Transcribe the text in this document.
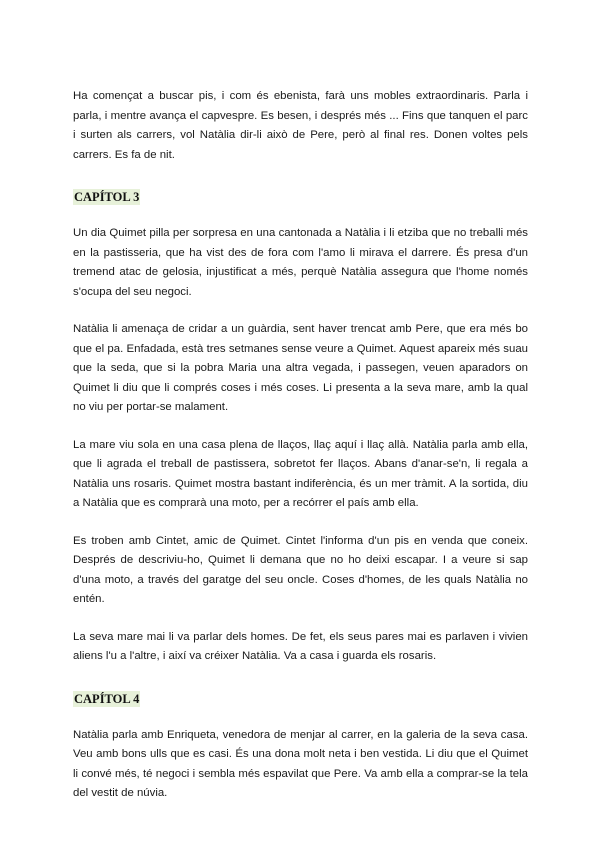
Ha començat a buscar pis, i com és ebenista, farà uns mobles extraordinaris. Parla i parla, i mentre avança el capvespre. Es besen, i després més ... Fins que tanquen el parc i surten als carrers, vol Natàlia dir-li això de Pere, però al final res. Donen voltes pels carrers. Es fa de nit.

CAPÍTOL 3

Un dia Quimet pilla per sorpresa en una cantonada a Natàlia i li etziba que no treballi més en la pastisseria, que ha vist des de fora com l'amo li mirava el darrere. És presa d'un tremend atac de gelosia, injustificat a més, perquè Natàlia assegura que l'home només s'ocupa del seu negoci.

Natàlia li amenaça de cridar a un guàrdia, sent haver trencat amb Pere, que era més bo que el pa. Enfadada, està tres setmanes sense veure a Quimet. Aquest apareix més suau que la seda, que si la pobra Maria una altra vegada, i passegen, veuen aparadors on Quimet li diu que li comprés coses i més coses. Li presenta a la seva mare, amb la qual no viu per portar-se malament.

La mare viu sola en una casa plena de llaços, llaç aquí i llaç allà. Natàlia parla amb ella, que li agrada el treball de pastissera, sobretot fer llaços. Abans d'anar-se'n, li regala a Natàlia uns rosaris. Quimet mostra bastant indiferència, és un mer tràmit. A la sortida, diu a Natàlia que es comprarà una moto, per a recórrer el país amb ella.

Es troben amb Cintet, amic de Quimet. Cintet l'informa d'un pis en venda que coneix. Després de descriviu-ho, Quimet li demana que no ho deixi escapar. I a veure si sap d'una moto, a través del garatge del seu oncle. Coses d'homes, de les quals Natàlia no entén.

La seva mare mai li va parlar dels homes. De fet, els seus pares mai es parlaven i vivien aliens l'u a l'altre, i així va créixer Natàlia. Va a casa i guarda els rosaris.

CAPÍTOL 4

Natàlia parla amb Enriqueta, venedora de menjar al carrer, en la galeria de la seva casa. Veu amb bons ulls que es casi. És una dona molt neta i ben vestida. Li diu que el Quimet li convé més, té negoci i sembla més espavilat que Pere. Va amb ella a comprar-se la tela del vestit de núvia.
